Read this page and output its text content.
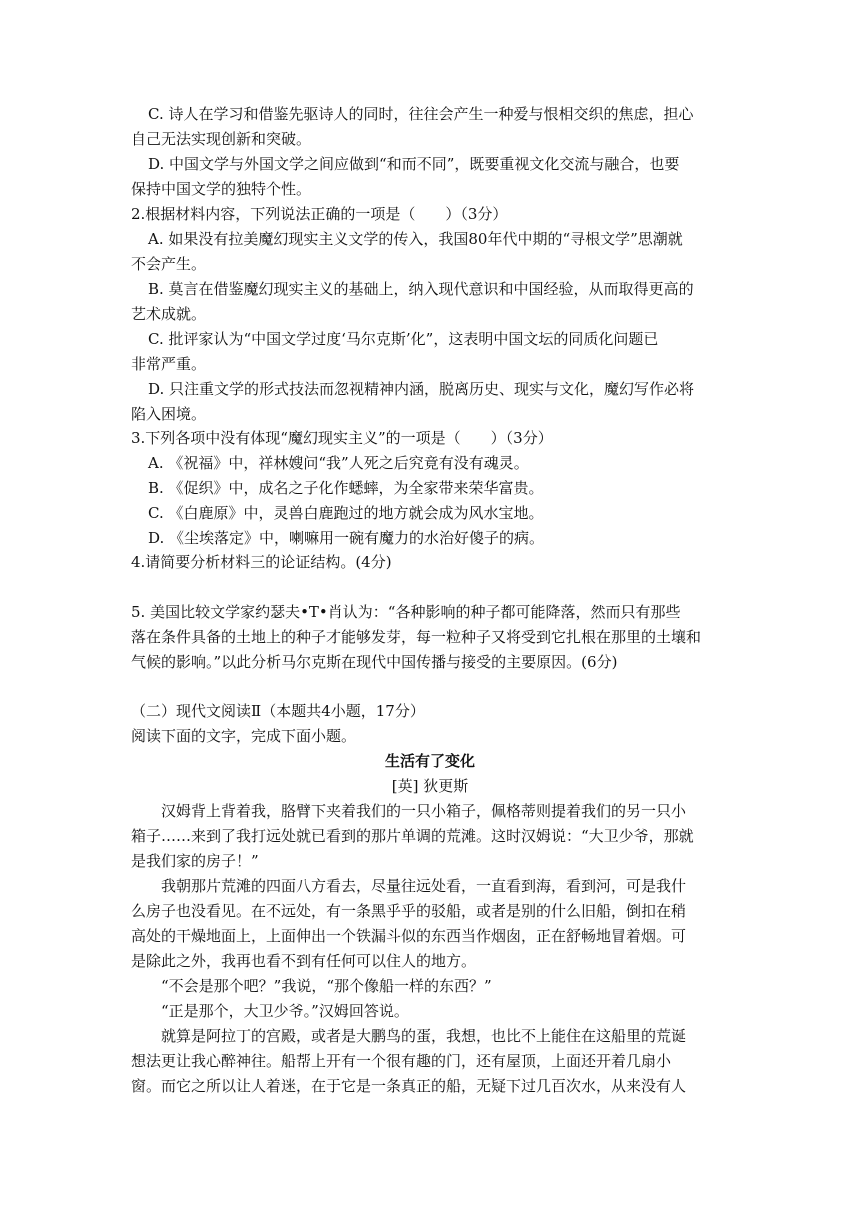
C. 诗人在学习和借鉴先驱诗人的同时，往往会产生一种爱与恨相交织的焦虑，担心
自己无法实现创新和突破。
D. 中国文学与外国文学之间应做到“和而不同”，既要重视文化交流与融合，也要
保持中国文学的独特个性。
2.根据材料内容，下列说法正确的一项是（　　）（3分）
A. 如果没有拉美魔幻现实主义文学的传入，我国80年代中期的“寻根文学”思潮就
不会产生。
B. 莫言在借鉴魔幻现实主义的基础上，纳入现代意识和中国经验，从而取得更高的
艺术成就。
C. 批评家认为“中国文学过度‘马尔克斯’化”，这表明中国文坛的同质化问题已
非常严重。
D. 只注重文学的形式技法而忽视精神内涵，脱离历史、现实与文化，魔幻写作必将
陷入困境。
3.下列各项中没有体现“魔幻现实主义”的一项是（　　）（3分）
A. 《祝福》中，祥林嫂问“我”人死之后究竟有没有魂灵。
B. 《促织》中，成名之子化作蟋蟀，为全家带来荣华富贵。
C. 《白鹿原》中，灵兽白鹿跑过的地方就会成为风水宝地。
D. 《尘埃落定》中，喇嘛用一碗有魔力的水治好傻子的病。
4.请简要分析材料三的论证结构。(4分)
5. 美国比较文学家约瑟夫•T•肖认为：“各种影响的种子都可能降落，然而只有那些
落在条件具备的土地上的种子才能够发芽，每一粒种子又将受到它扎根在那里的土壤和
气候的影响。”以此分析马尔克斯在现代中国传播与接受的主要原因。(6分)
（二）现代文阅读Ⅱ（本题共4小题，17分）
阅读下面的文字，完成下面小题。
生活有了变化
[英] 狄更斯
汉姆背上背着我，胳臂下夹着我们的一只小箱子，佩格蒂则提着我们的另一只小
箱子……来到了我打远处就已看到的那片单调的荒滩。这时汉姆说：“大卫少爷，那就
是我们家的房子！”
我朝那片荒滩的四面八方看去，尽量往远处看，一直看到海，看到河，可是我什
么房子也没看见。在不远处，有一条黑乎乎的驳船，或者是别的什么旧船，倒扣在稍
高处的干燥地面上，上面伸出一个铁漏斗似的东西当作烟囱，正在舒畅地冒着烟。可
是除此之外，我再也看不到有任何可以住人的地方。
“不会是那个吧？”我说，“那个像船一样的东西？”
“正是那个，大卫少爷。”汉姆回答说。
就算是阿拉丁的宫殿，或者是大鹏鸟的蛋，我想，也比不上能住在这船里的荒诞
想法更让我心醉神往。船帮上开有一个很有趣的门，还有屋顶，上面还开着几扇小
窗。而它之所以让人着迷，在于它是一条真正的船，无疑下过几百次水，从来没有人
